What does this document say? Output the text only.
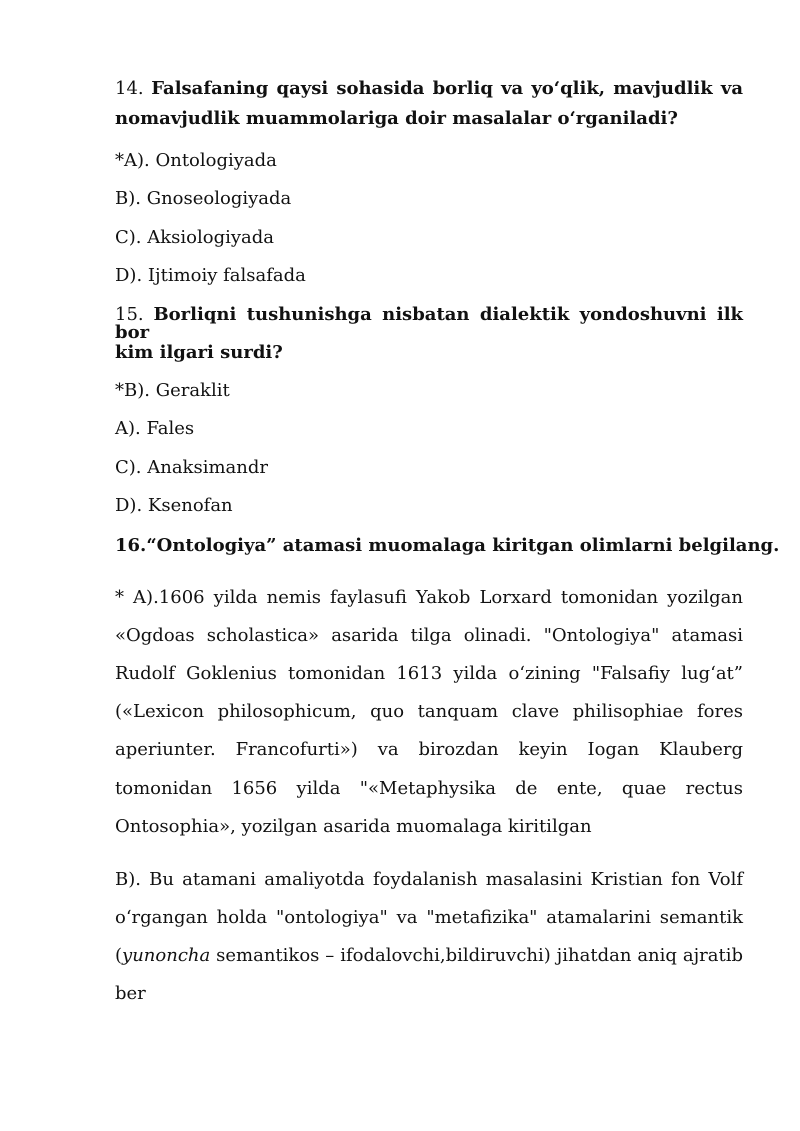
14. Falsafaning qaysi sohasida borliq va yo‘qlik, mavjudlik va
nomavjudlik muammolariga doir masalalar o‘rganiladi?
*A). Ontologiyada
B). Gnoseologiyada
C). Aksiologiyada
D). Ijtimoiy falsafada
15. Borliqni tushunishga nisbatan dialektik yondoshuvni ilk bor
kim ilgari surdi?
*B). Geraklit
A). Fales
C). Anaksimandr
D). Ksenofan
16.“Ontologiya” atamasi muomalaga kiritgan olimlarni belgilang.
* A).1606 yilda nemis faylasufi Yakob Lorxard tomonidan yozilgan
«Ogdoas scholastica» asarida tilga olinadi. "Ontologiya" atamasi
Rudolf Goklenius tomonidan 1613 yilda o‘zining "Falsafiy lug‘at”
(«Lexicon philosophicum, quo tanquam clave philisophiae fores
aperiunter. Francofurti») va birozdan keyin Iogan Klauberg
tomonidan 1656 yilda "«Metaphysika de ente, quae rectus
Ontosophia», yozilgan asarida muomalaga kiritilgan
B). Bu atamani amaliyotda foydalanish masalasini Kristian fon Volf
o‘rgangan holda "ontologiya" va "metafizika" atamalarini semantik
(yunoncha semantikos – ifodalovchi,bildiruvchi) jihatdan aniq ajratib
ber
